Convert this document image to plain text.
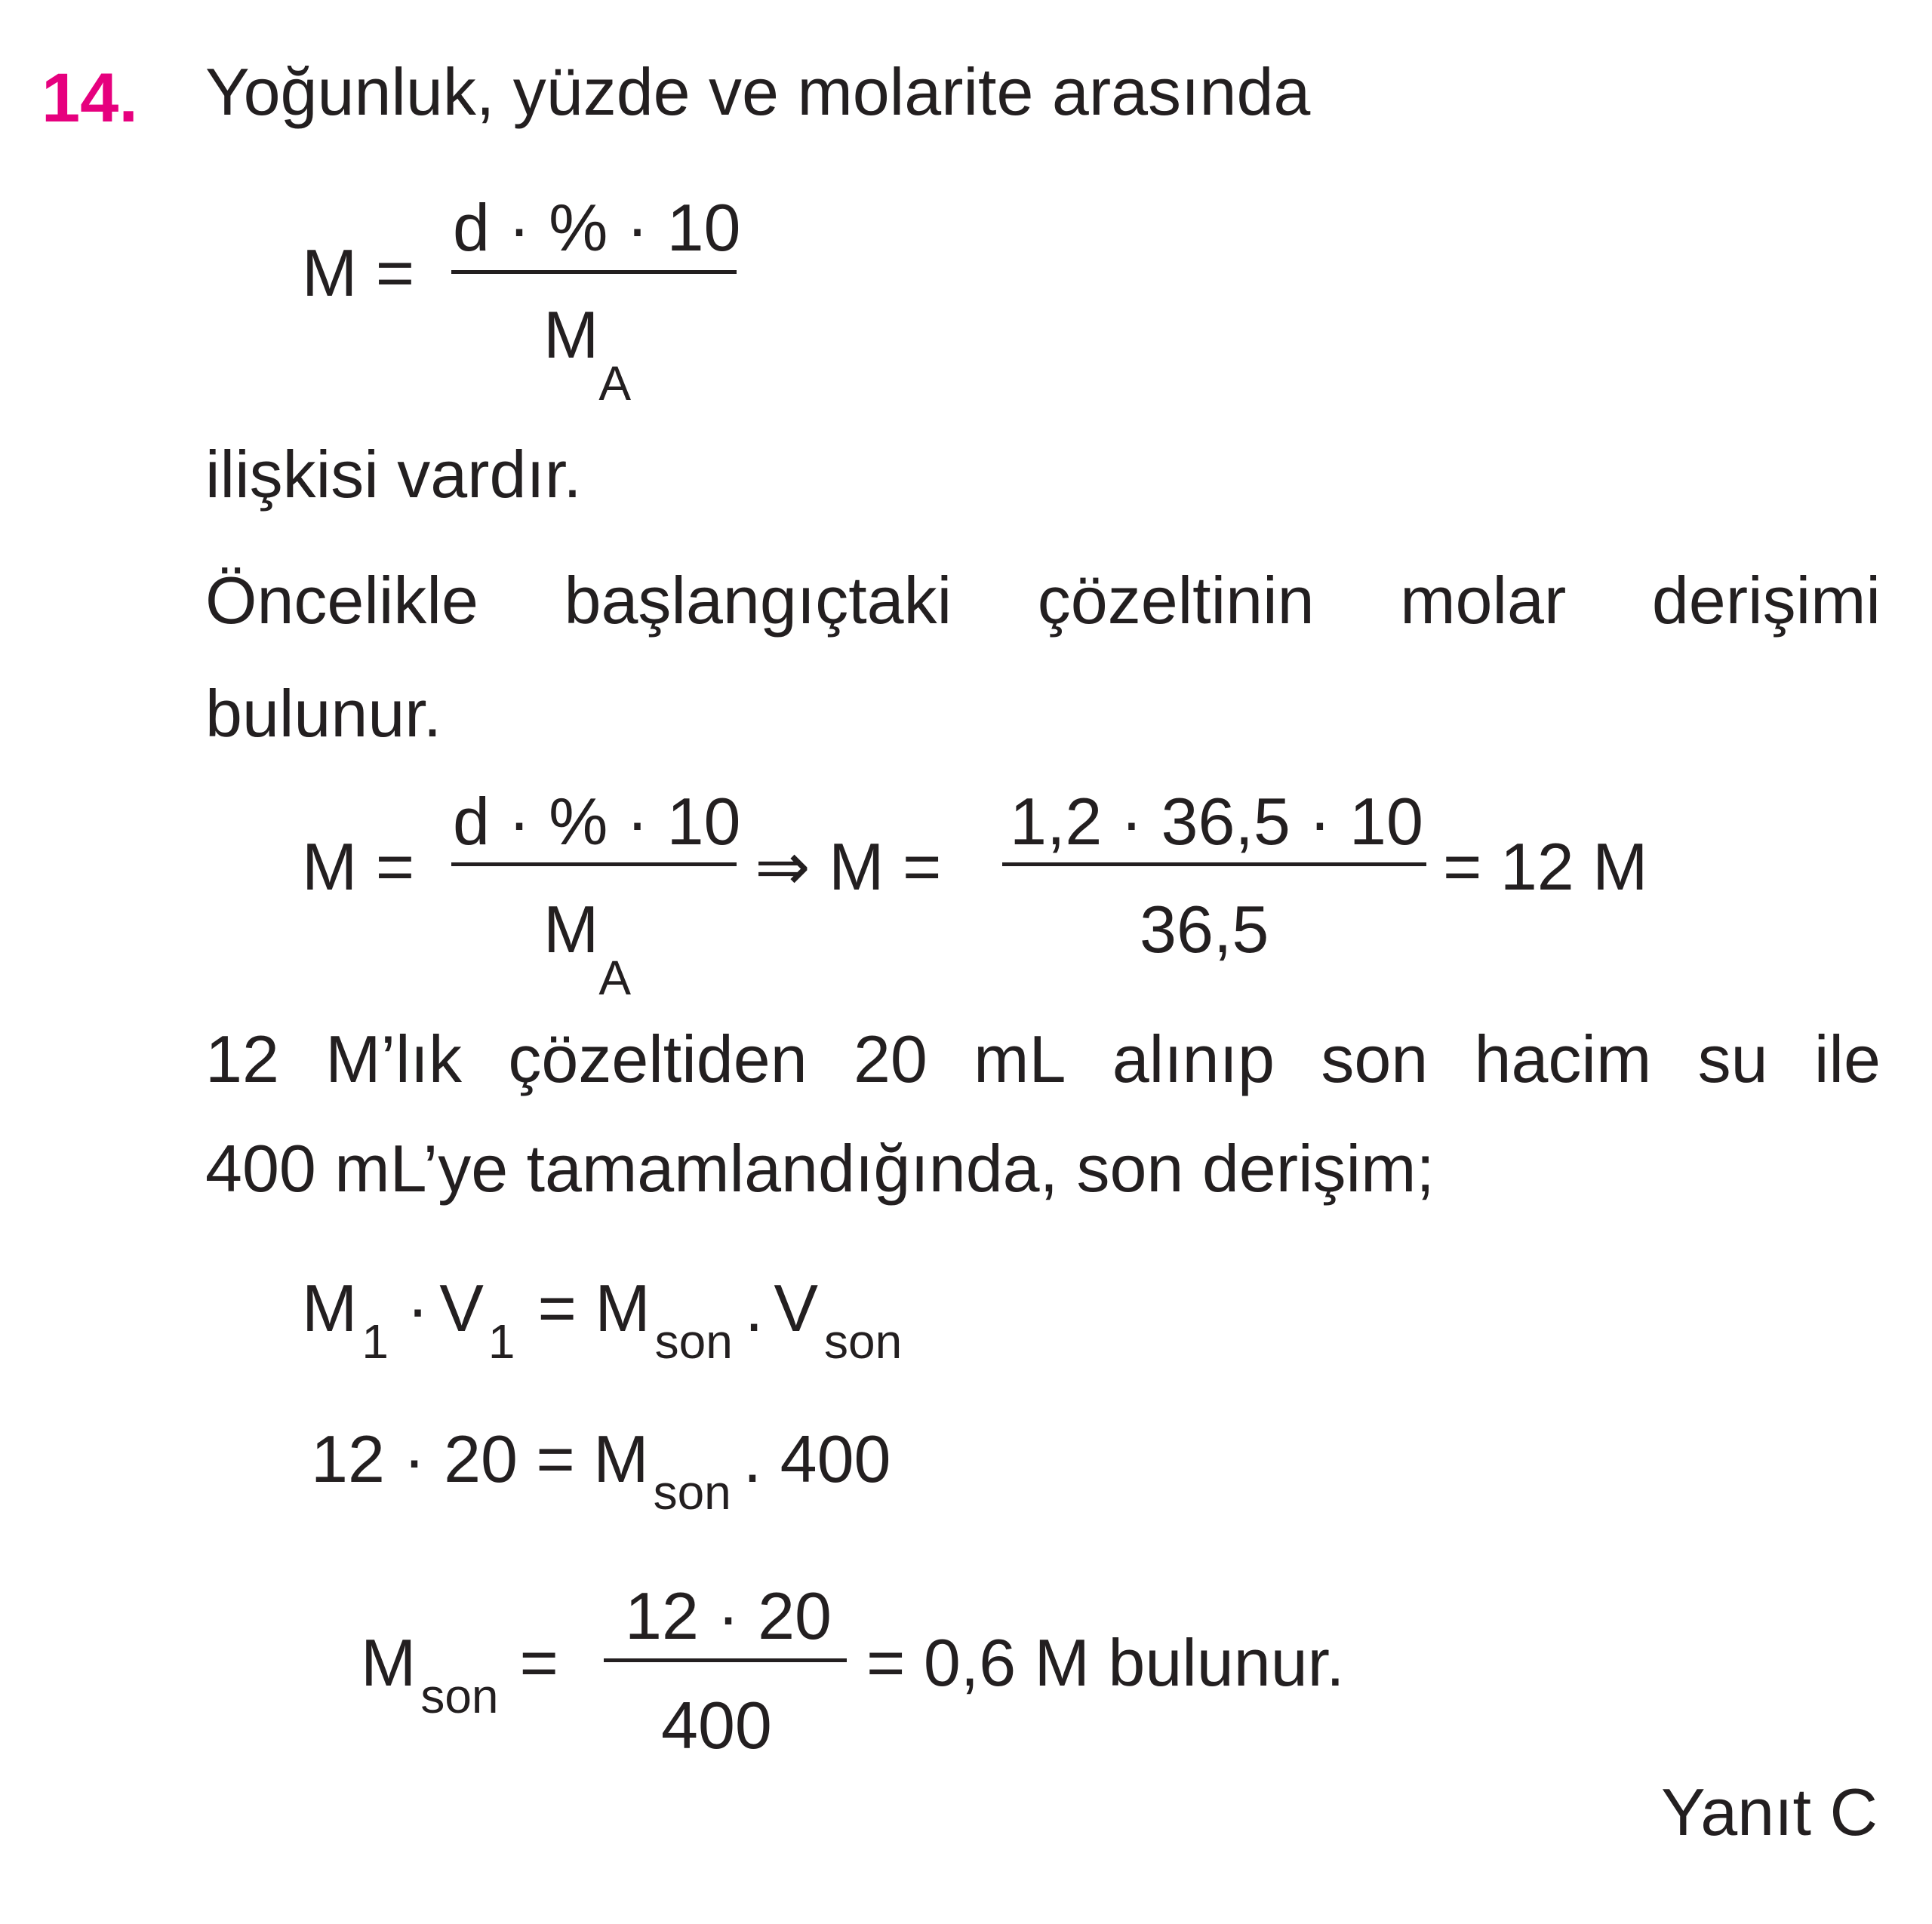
14. Yoğunluk, yüzde ve molarite arasında
M =
d · % · 10
$M_A$
ilişkisi vardır.
Öncelikle başlangıçtaki çözeltinin molar derişimi
bulunur.
M =
d · % · 10
$M_A$
⇒ M =
1,2 · 36,5 · 10
36,5
= 12 M
12 M’lık çözeltiden 20 mL alınıp son hacim su ile
400 mL’ye tamamlandığında, son derişim;
M 1 · V 1 = M son . V son
12 · 20 = M son . 400
M son =
12 · 20
400
= 0,6 M bulunur.
Yanıt C
